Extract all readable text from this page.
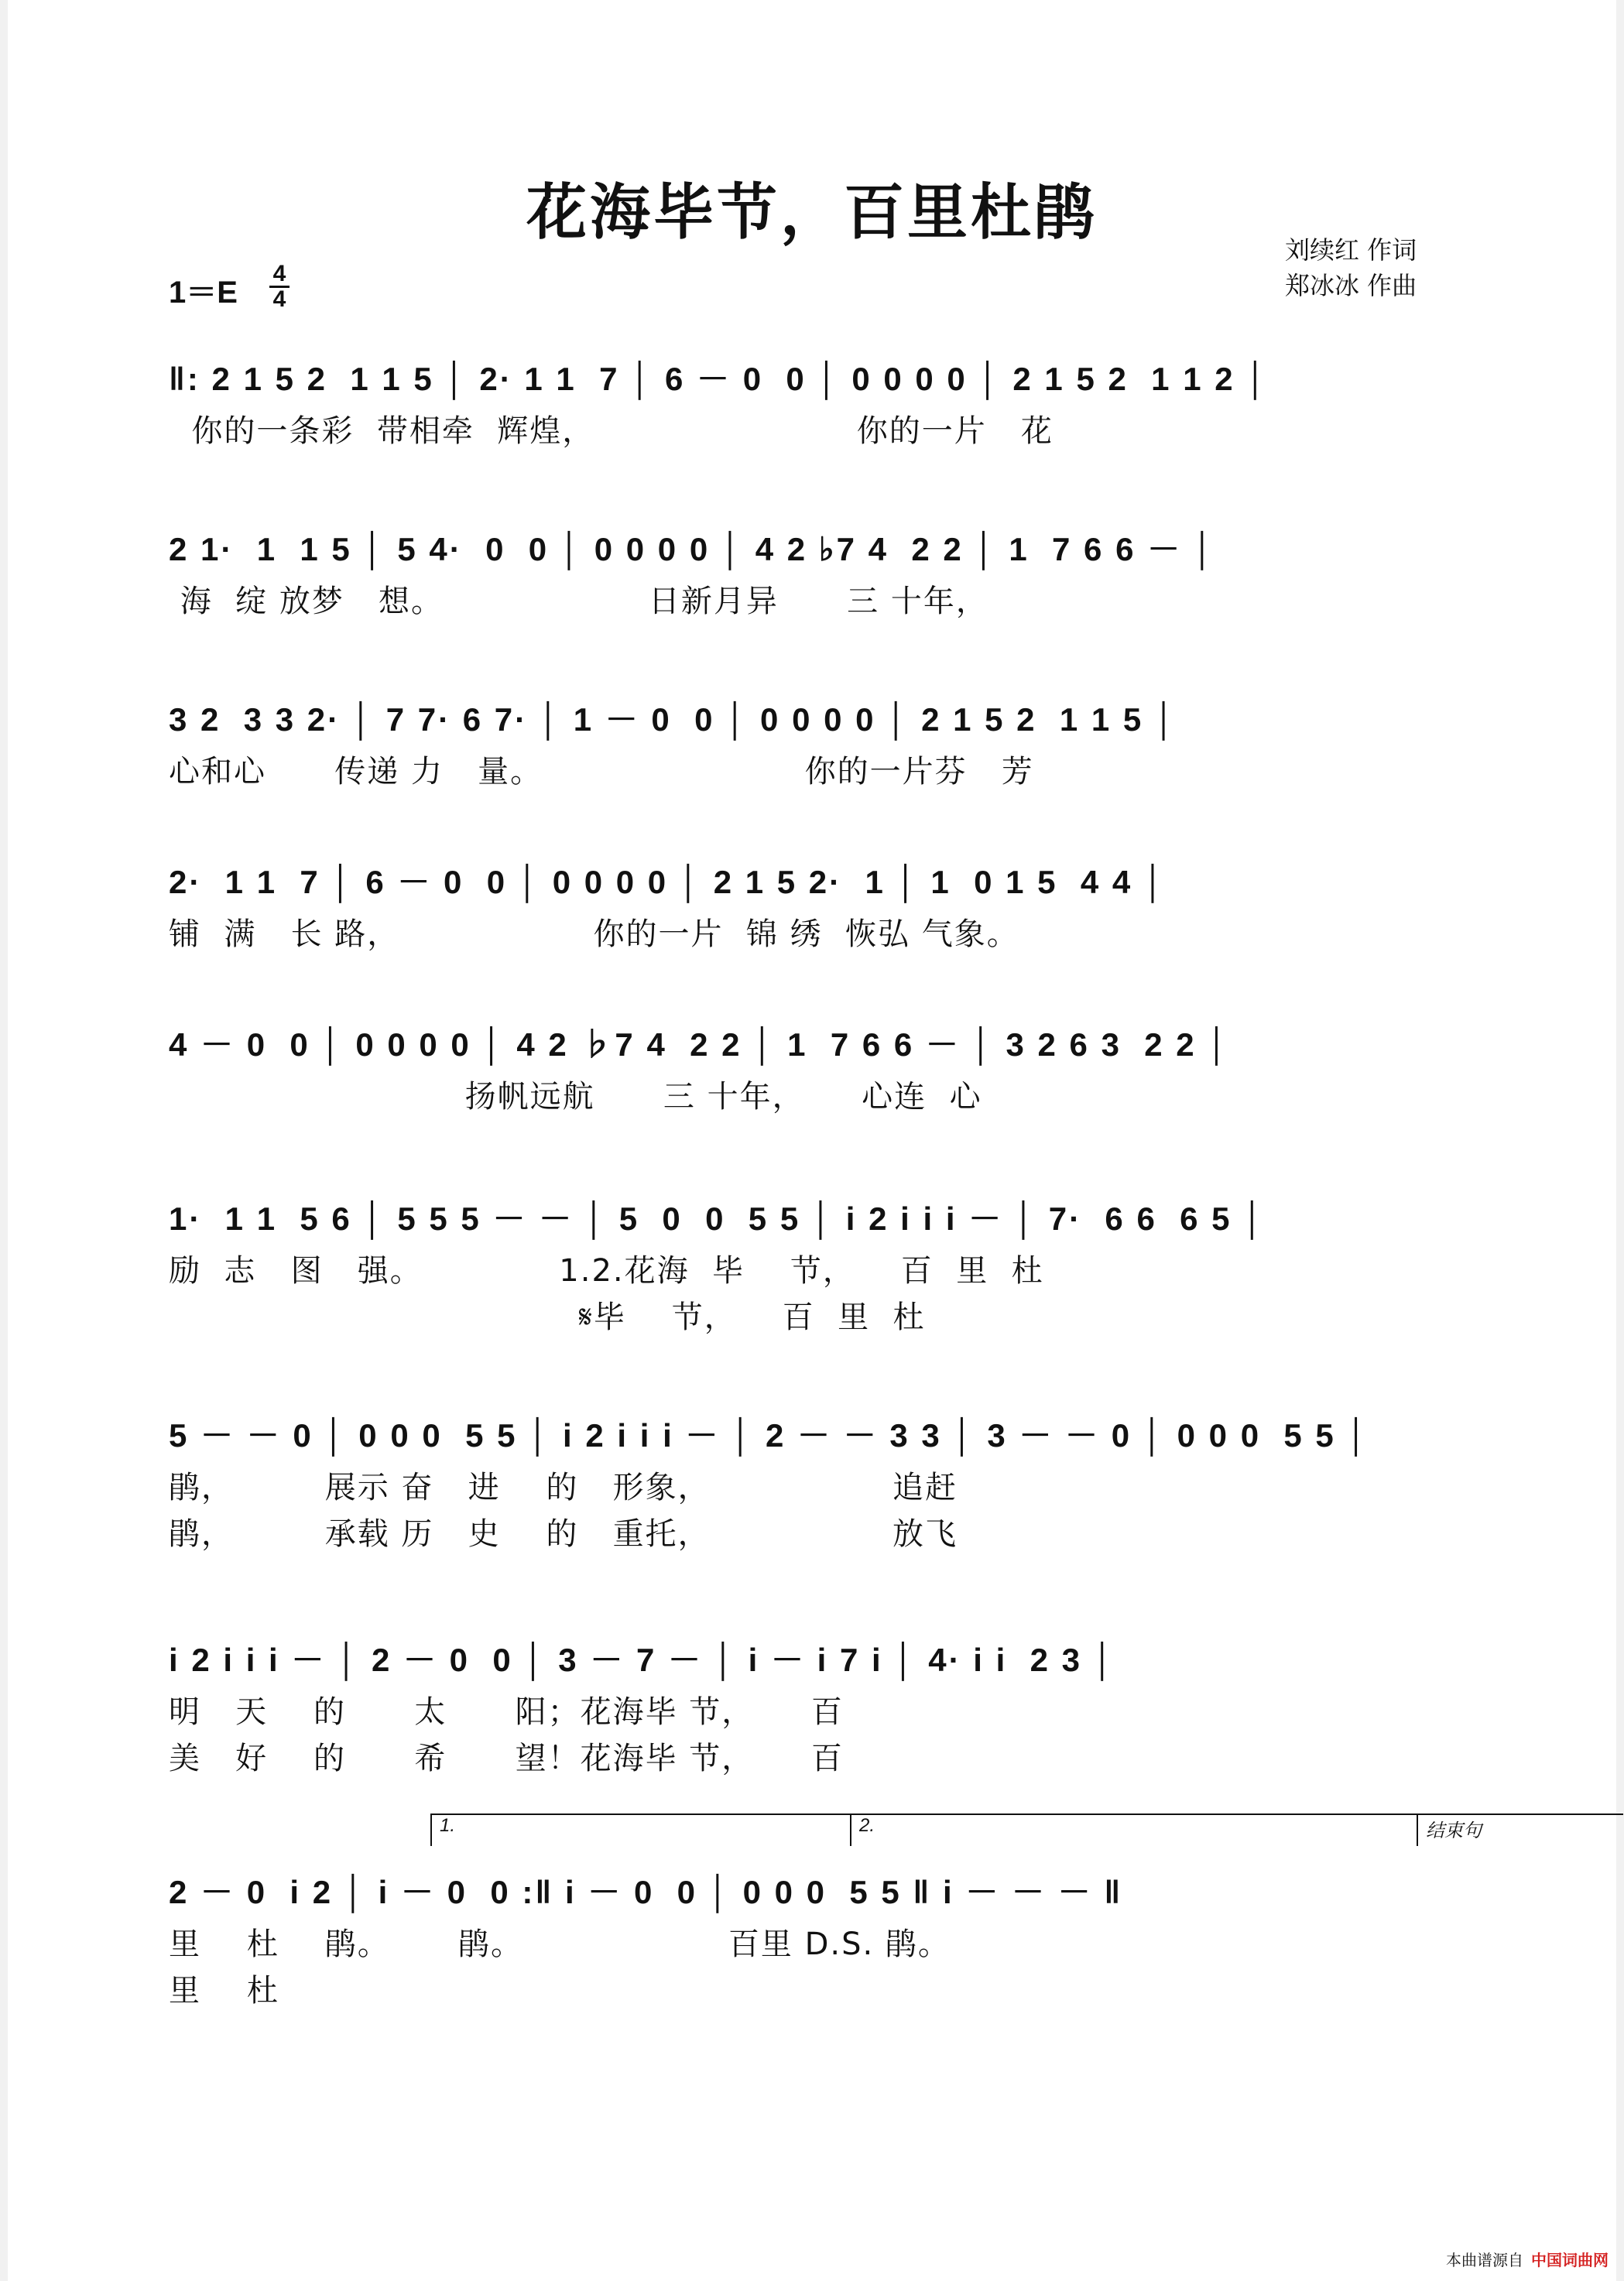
花海毕节，百里杜鹃
刘续红 作词
郑冰冰 作曲
1＝E
4
4
‖: 2 1 5 2  1 1 5 │ 2· 1 1  7 │ 6 － 0  0 │ 0 0 0 0 │ 2 1 5 2  1 1 2 │
你的一条彩  带相牵  辉煌，                       你的一片   花
2 1·  1  1 5 │ 5 4·  0  0 │ 0 0 0 0 │ 4 2 ♭7 4  2 2 │ 1  7 6 6 － │
海  绽 放梦   想。                  日新月异      三 十年，
3 2  3 3 2· │ 7 7· 6 7· │ 1 － 0  0 │ 0 0 0 0 │ 2 1 5 2  1 1 5 │
心和心      传递 力   量。                       你的一片芬   芳
2·  1 1  7 │ 6 － 0  0 │ 0 0 0 0 │ 2 1 5 2·  1 │ 1  0 1 5  4 4 │
铺  满   长 路，                 你的一片  锦 绣  恢弘 气象。
4 － 0  0 │ 0 0 0 0 │ 4 2 ♭7 4  2 2 │ 1  7 6 6 － │ 3 2 6 3  2 2 │
扬帆远航      三 十年，     心连  心
1·  1 1  5 6 │ 5 5 5 － － │ 5  0  0  5 5 │ i 2 i i i － │ 7·  6 6  6 5 │
励  志   图   强。            1.2.花海  毕    节，    百  里  杜
𝄋毕    节，    百  里  杜
5 － － 0 │ 0 0 0  5 5 │ i 2 i i i － │ 2 － － 3 3 │ 3 － － 0 │ 0 0 0  5 5 │
鹃，        展示 奋   进    的   形象，                追赶
鹃，        承载 历   史    的   重托，                放飞
i 2 i i i － │ 2 － 0  0 │ 3 － 7 － │ i － i 7 i │ 4· i i  2 3 │
明   天    的      太      阳；花海毕 节，     百
美   好    的      希      望！花海毕 节，     百
1.	2.	结束句
2 － 0  i 2 │ i － 0  0 :‖ i － 0  0 │ 0 0 0  5 5 ‖ i － － － ‖
里    杜    鹃。      鹃。                  百里 D.S. 鹃。
里    杜
本曲谱源自 中国词曲网
